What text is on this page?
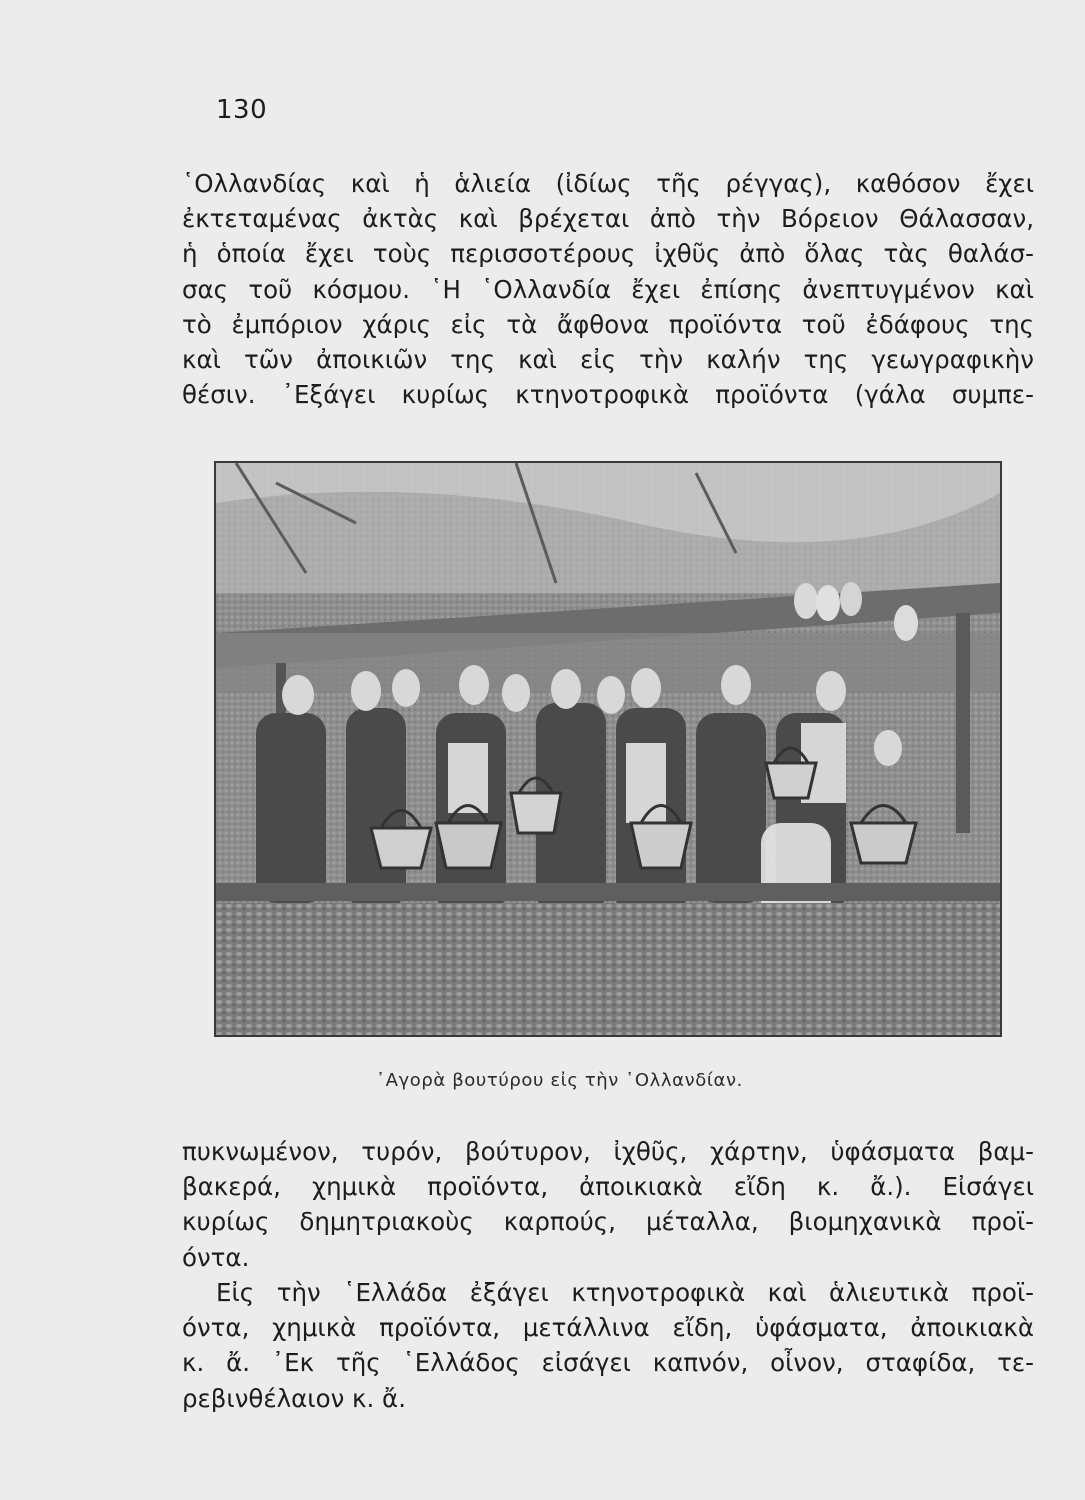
130
῾Ολλανδίας καὶ ἡ ἁλιεία (ἰδίως τῆς ρέγγας), καθόσον ἔχει
ἐκτεταμένας ἀκτὰς καὶ βρέχεται ἀπὸ τὴν Βόρειον Θάλασσαν,
ἡ ὁποία ἔχει τοὺς περισσοτέρους ἰχθῦς ἀπὸ ὅλας τὰς θαλάσ-
σας τοῦ κόσμου. ῾Η ῾Ολλανδία ἔχει ἐπίσης ἀνεπτυγμένον καὶ
τὸ ἐμπόριον χάρις εἰς τὰ ἄφθονα προϊόντα τοῦ ἐδάφους της
καὶ τῶν ἀποικιῶν της καὶ εἰς τὴν καλήν της γεωγραφικὴν
θέσιν. ᾿Εξάγει κυρίως κτηνοτροφικὰ προϊόντα (γάλα συμπε-
᾿Αγορὰ βουτύρου εἰς τὴν ῾Ολλανδίαν.
πυκνωμένον, τυρόν, βούτυρον, ἰχθῦς, χάρτην, ὑφάσματα βαμ-
βακερά, χημικὰ προϊόντα, ἀποικιακὰ εἴδη κ. ἄ.). Εἰσάγει
κυρίως δημητριακοὺς καρπούς, μέταλλα, βιομηχανικὰ προϊ-
όντα.
Εἰς τὴν ῾Ελλάδα ἐξάγει κτηνοτροφικὰ καὶ ἁλιευτικὰ προϊ-
όντα, χημικὰ προϊόντα, μετάλλινα εἴδη, ὑφάσματα, ἀποικιακὰ
κ. ἄ. ᾿Εκ τῆς ῾Ελλάδος εἰσάγει καπνόν, οἶνον, σταφίδα, τε-
ρεβινθέλαιον κ. ἄ.
